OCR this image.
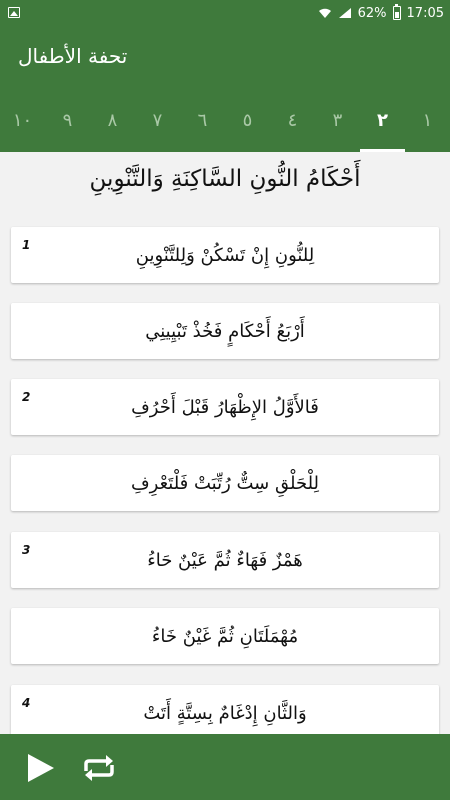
62% 17:05
تحفة الأطفال
١
٢
٣
٤
٥
٦
٧
٨
٩
١٠
أَحْكَامُ النُّونِ السَّاكِنَةِ وَالتَّنْوِينِ
1	لِلنُّونِ إِنْ تَسْكُنْ وَلِلتَّنْوِينِ
أَرْبَعُ أَحْكَامٍ فَخُذْ تَبْيِينِي
2	فَالأَوَّلُ الإِظْهَارُ قَبْلَ أَحْرُفِ
لِلْحَلْقِ سِتٌّ رُتِّبَتْ فَلْتَعْرِفِ
3	هَمْزٌ فَهَاءٌ ثُمَّ عَيْنٌ حَاءُ
مُهْمَلَتَانِ ثُمَّ غَيْنٌ خَاءُ
4	وَالثَّانِ إِدْغَامٌ بِسِتَّةٍ أَتَتْ
